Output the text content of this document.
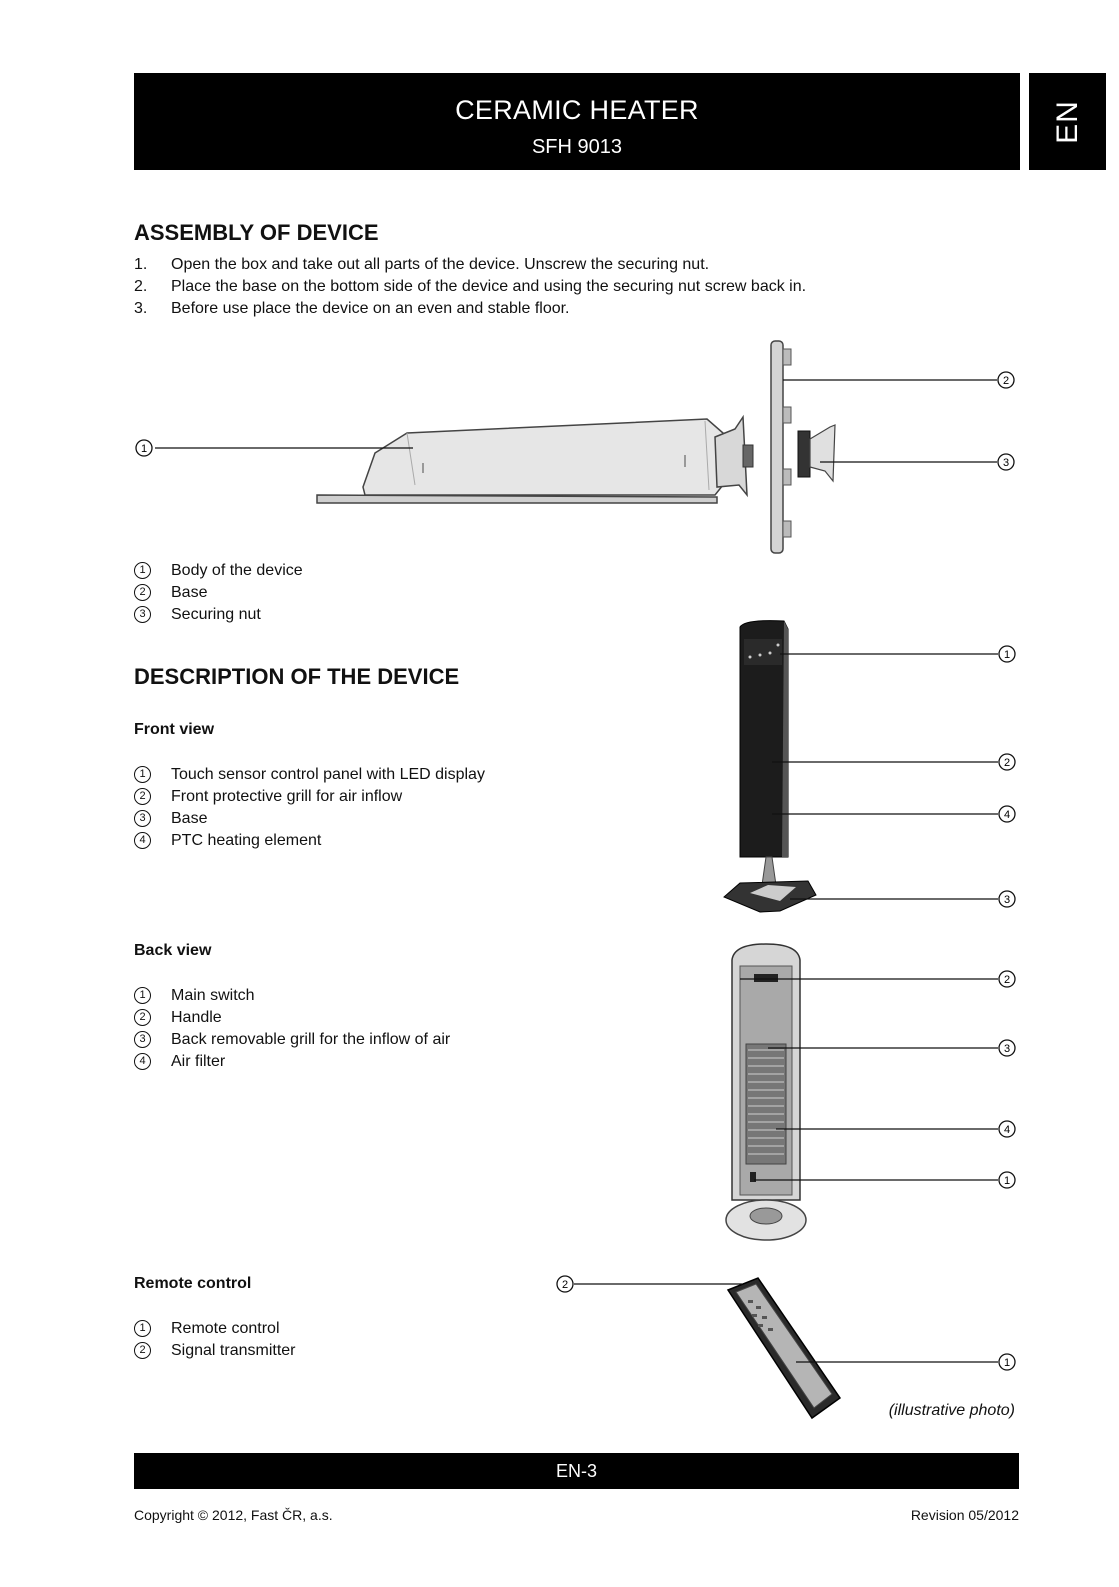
CERAMIC HEATER
SFH 9013
EN
ASSEMBLY OF DEVICE
1. Open the box and take out all parts of the device. Unscrew the securing nut.
2. Place the base on the bottom side of the device and using the securing nut screw back in.
3. Before use place the device on an even and stable floor.
1
2
3
1	Body of the device
2	Base
3	Securing nut
DESCRIPTION OF THE DEVICE
Front view
1	Touch sensor control panel with LED display
2	Front protective grill for air inflow
3	Base
4	PTC heating element
1
2
4
3
Back view
1	Main switch
2	Handle
3	Back removable grill for the inflow of air
4	Air filter
2
3
4
1
Remote control
1	Remote control
2	Signal transmitter
2
1
(illustrative photo)
EN-3
Copyright © 2012, Fast ČR, a.s.	Revision 05/2012
